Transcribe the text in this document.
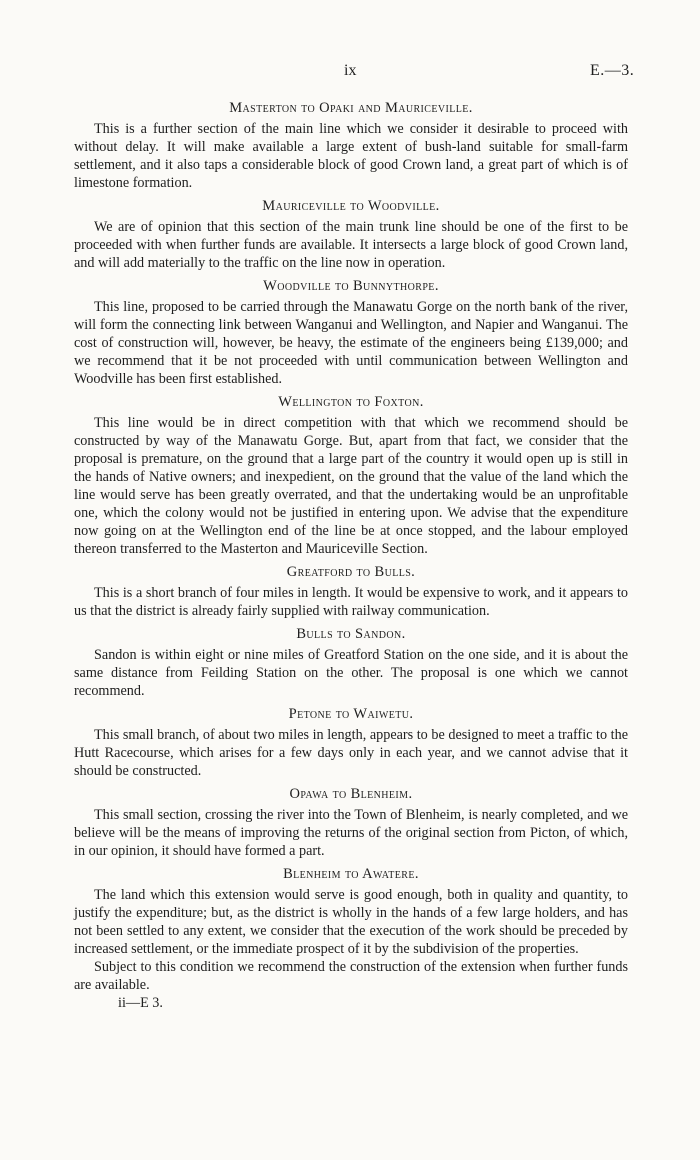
ix	E.—3.
Masterton to Opaki and Mauriceville.

This is a further section of the main line which we consider it desirable to proceed with without delay. It will make available a large extent of bush-land suitable for small-farm settlement, and it also taps a considerable block of good Crown land, a great part of which is of limestone formation.

Mauriceville to Woodville.

We are of opinion that this section of the main trunk line should be one of the first to be proceeded with when further funds are available. It intersects a large block of good Crown land, and will add materially to the traffic on the line now in operation.

Woodville to Bunnythorpe.

This line, proposed to be carried through the Manawatu Gorge on the north bank of the river, will form the connecting link between Wanganui and Wellington, and Napier and Wanganui. The cost of construction will, however, be heavy, the estimate of the engineers being £139,000; and we recommend that it be not proceeded with until communication between Wellington and Woodville has been first established.

Wellington to Foxton.

This line would be in direct competition with that which we recommend should be constructed by way of the Manawatu Gorge. But, apart from that fact, we consider that the proposal is premature, on the ground that a large part of the country it would open up is still in the hands of Native owners; and inexpedient, on the ground that the value of the land which the line would serve has been greatly overrated, and that the undertaking would be an unprofitable one, which the colony would not be justified in entering upon. We advise that the expenditure now going on at the Wellington end of the line be at once stopped, and the labour employed thereon transferred to the Masterton and Mauriceville Section.

Greatford to Bulls.

This is a short branch of four miles in length. It would be expensive to work, and it appears to us that the district is already fairly supplied with railway communication.

Bulls to Sandon.

Sandon is within eight or nine miles of Greatford Station on the one side, and it is about the same distance from Feilding Station on the other. The proposal is one which we cannot recommend.

Petone to Waiwetu.

This small branch, of about two miles in length, appears to be designed to meet a traffic to the Hutt Racecourse, which arises for a few days only in each year, and we cannot advise that it should be constructed.

Opawa to Blenheim.

This small section, crossing the river into the Town of Blenheim, is nearly completed, and we believe will be the means of improving the returns of the original section from Picton, of which, in our opinion, it should have formed a part.

Blenheim to Awatere.

The land which this extension would serve is good enough, both in quality and quantity, to justify the expenditure; but, as the district is wholly in the hands of a few large holders, and has not been settled to any extent, we consider that the execution of the work should be preceded by increased settlement, or the immediate prospect of it by the subdivision of the properties.

Subject to this condition we recommend the construction of the extension when further funds are available.

ii—E 3.
